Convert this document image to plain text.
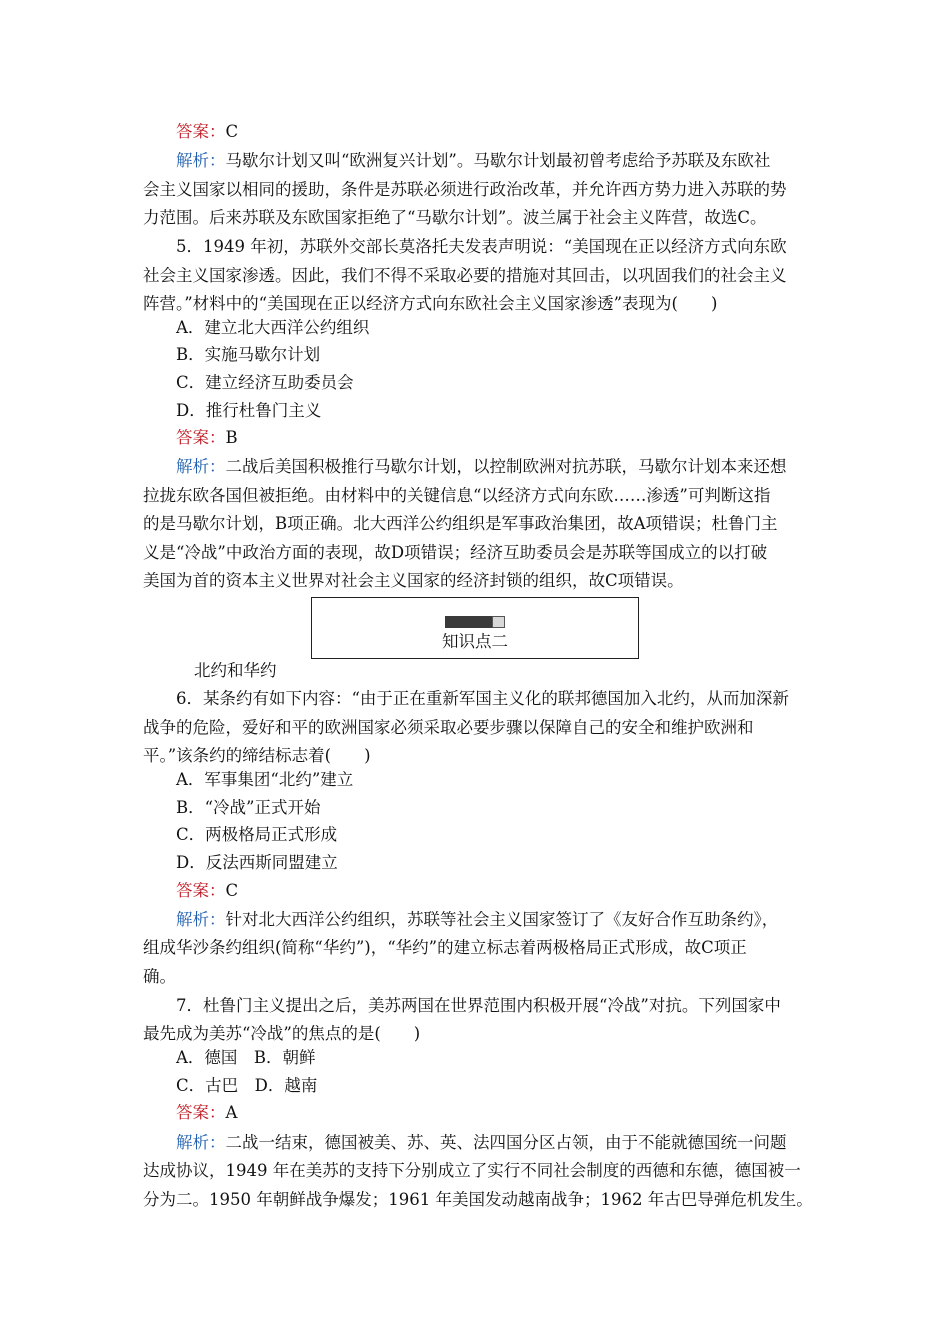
答案：C
解析：马歇尔计划又叫“欧洲复兴计划”。马歇尔计划最初曾考虑给予苏联及东欧社
会主义国家以相同的援助，条件是苏联必须进行政治改革，并允许西方势力进入苏联的势
力范围。后来苏联及东欧国家拒绝了“马歇尔计划”。波兰属于社会主义阵营，故选C。
5．1949 年初，苏联外交部长莫洛托夫发表声明说：“美国现在正以经济方式向东欧
社会主义国家渗透。因此，我们不得不采取必要的措施对其回击，以巩固我们的社会主义
阵营。”材料中的“美国现在正以经济方式向东欧社会主义国家渗透”表现为(　　)
A．建立北大西洋公约组织
B．实施马歇尔计划
C．建立经济互助委员会
D．推行杜鲁门主义
答案：B
解析：二战后美国积极推行马歇尔计划，以控制欧洲对抗苏联，马歇尔计划本来还想
拉拢东欧各国但被拒绝。由材料中的关键信息“以经济方式向东欧……渗透”可判断这指
的是马歇尔计划，B项正确。北大西洋公约组织是军事政治集团，故A项错误；杜鲁门主
义是“冷战”中政治方面的表现，故D项错误；经济互助委员会是苏联等国成立的以打破
美国为首的资本主义世界对社会主义国家的经济封锁的组织，故C项错误。
知识点二
北约和华约
6．某条约有如下内容：“由于正在重新军国主义化的联邦德国加入北约，从而加深新
战争的危险，爱好和平的欧洲国家必须采取必要步骤以保障自己的安全和维护欧洲和
平。”该条约的缔结标志着(　　)
A．军事集团“北约”建立
B．“冷战”正式开始
C．两极格局正式形成
D．反法西斯同盟建立
答案：C
解析：针对北大西洋公约组织，苏联等社会主义国家签订了《友好合作互助条约》，
组成华沙条约组织(简称“华约”)，“华约”的建立标志着两极格局正式形成，故C项正
确。
7．杜鲁门主义提出之后，美苏两国在世界范围内积极开展“冷战”对抗。下列国家中
最先成为美苏“冷战”的焦点的是(　　)
A．德国　B．朝鲜
C．古巴　D．越南
答案：A
解析：二战一结束，德国被美、苏、英、法四国分区占领，由于不能就德国统一问题
达成协议，1949 年在美苏的支持下分别成立了实行不同社会制度的西德和东德，德国被一
分为二。1950 年朝鲜战争爆发；1961 年美国发动越南战争；1962 年古巴导弹危机发生。
